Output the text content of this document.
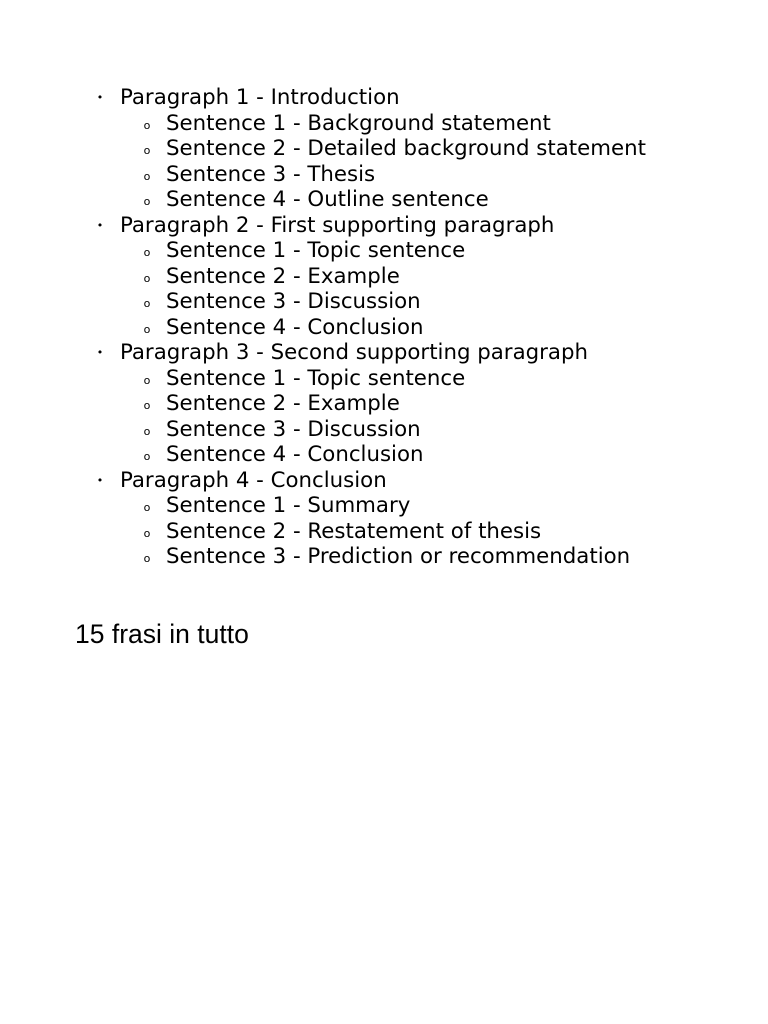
• Paragraph 1 - Introduction
o Sentence 1 - Background statement
o Sentence 2 - Detailed background statement
o Sentence 3 - Thesis
o Sentence 4 - Outline sentence
• Paragraph 2 - First supporting paragraph
o Sentence 1 - Topic sentence
o Sentence 2 - Example
o Sentence 3 - Discussion
o Sentence 4 - Conclusion
• Paragraph 3 - Second supporting paragraph
o Sentence 1 - Topic sentence
o Sentence 2 - Example
o Sentence 3 - Discussion
o Sentence 4 - Conclusion
• Paragraph 4 - Conclusion
o Sentence 1 - Summary
o Sentence 2 - Restatement of thesis
o Sentence 3 - Prediction or recommendation

15 frasi in tutto
